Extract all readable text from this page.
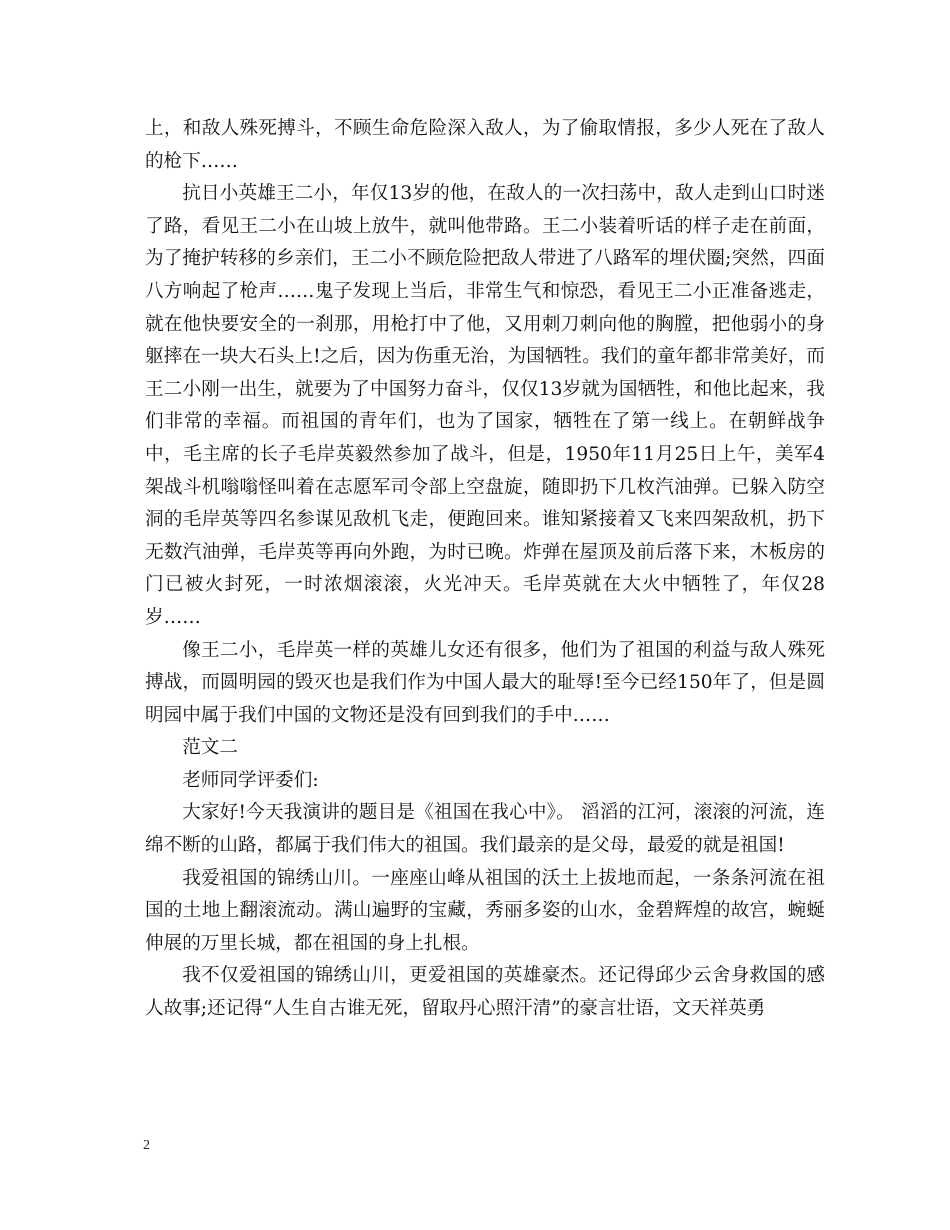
上，和敌人殊死搏斗，不顾生命危险深入敌人，为了偷取情报，多少人死在了敌人的枪下……

抗日小英雄王二小，年仅13岁的他，在敌人的一次扫荡中，敌人走到山口时迷了路，看见王二小在山坡上放牛，就叫他带路。王二小装着听话的样子走在前面，为了掩护转移的乡亲们，王二小不顾危险把敌人带进了八路军的埋伏圈;突然，四面八方响起了枪声……鬼子发现上当后，非常生气和惊恐，看见王二小正准备逃走，就在他快要安全的一刹那，用枪打中了他，又用刺刀刺向他的胸膛，把他弱小的身躯摔在一块大石头上!之后，因为伤重无治，为国牺牲。我们的童年都非常美好，而王二小刚一出生，就要为了中国努力奋斗，仅仅13岁就为国牺牲，和他比起来，我们非常的幸福。而祖国的青年们，也为了国家，牺牲在了第一线上。在朝鲜战争中，毛主席的长子毛岸英毅然参加了战斗，但是，1950年11月25日上午，美军4架战斗机嗡嗡怪叫着在志愿军司令部上空盘旋，随即扔下几枚汽油弹。已躲入防空洞的毛岸英等四名参谋见敌机飞走，便跑回来。谁知紧接着又飞来四架敌机，扔下无数汽油弹，毛岸英等再向外跑，为时已晚。炸弹在屋顶及前后落下来，木板房的门已被火封死，一时浓烟滚滚，火光冲天。毛岸英就在大火中牺牲了，年仅28岁……

像王二小，毛岸英一样的英雄儿女还有很多，他们为了祖国的利益与敌人殊死搏战，而圆明园的毁灭也是我们作为中国人最大的耻辱!至今已经150年了，但是圆明园中属于我们中国的文物还是没有回到我们的手中……

范文二

老师同学评委们:

大家好!今天我演讲的题目是《祖国在我心中》。 滔滔的江河，滚滚的河流，连绵不断的山路，都属于我们伟大的祖国。我们最亲的是父母，最爱的就是祖国!

我爱祖国的锦绣山川。一座座山峰从祖国的沃土上拔地而起，一条条河流在祖国的土地上翻滚流动。满山遍野的宝藏，秀丽多姿的山水，金碧辉煌的故宫，蜿蜒伸展的万里长城，都在祖国的身上扎根。

我不仅爱祖国的锦绣山川，更爱祖国的英雄豪杰。还记得邱少云舍身救国的感人故事;还记得“人生自古谁无死，留取丹心照汗清”的豪言壮语，文天祥英勇

2
